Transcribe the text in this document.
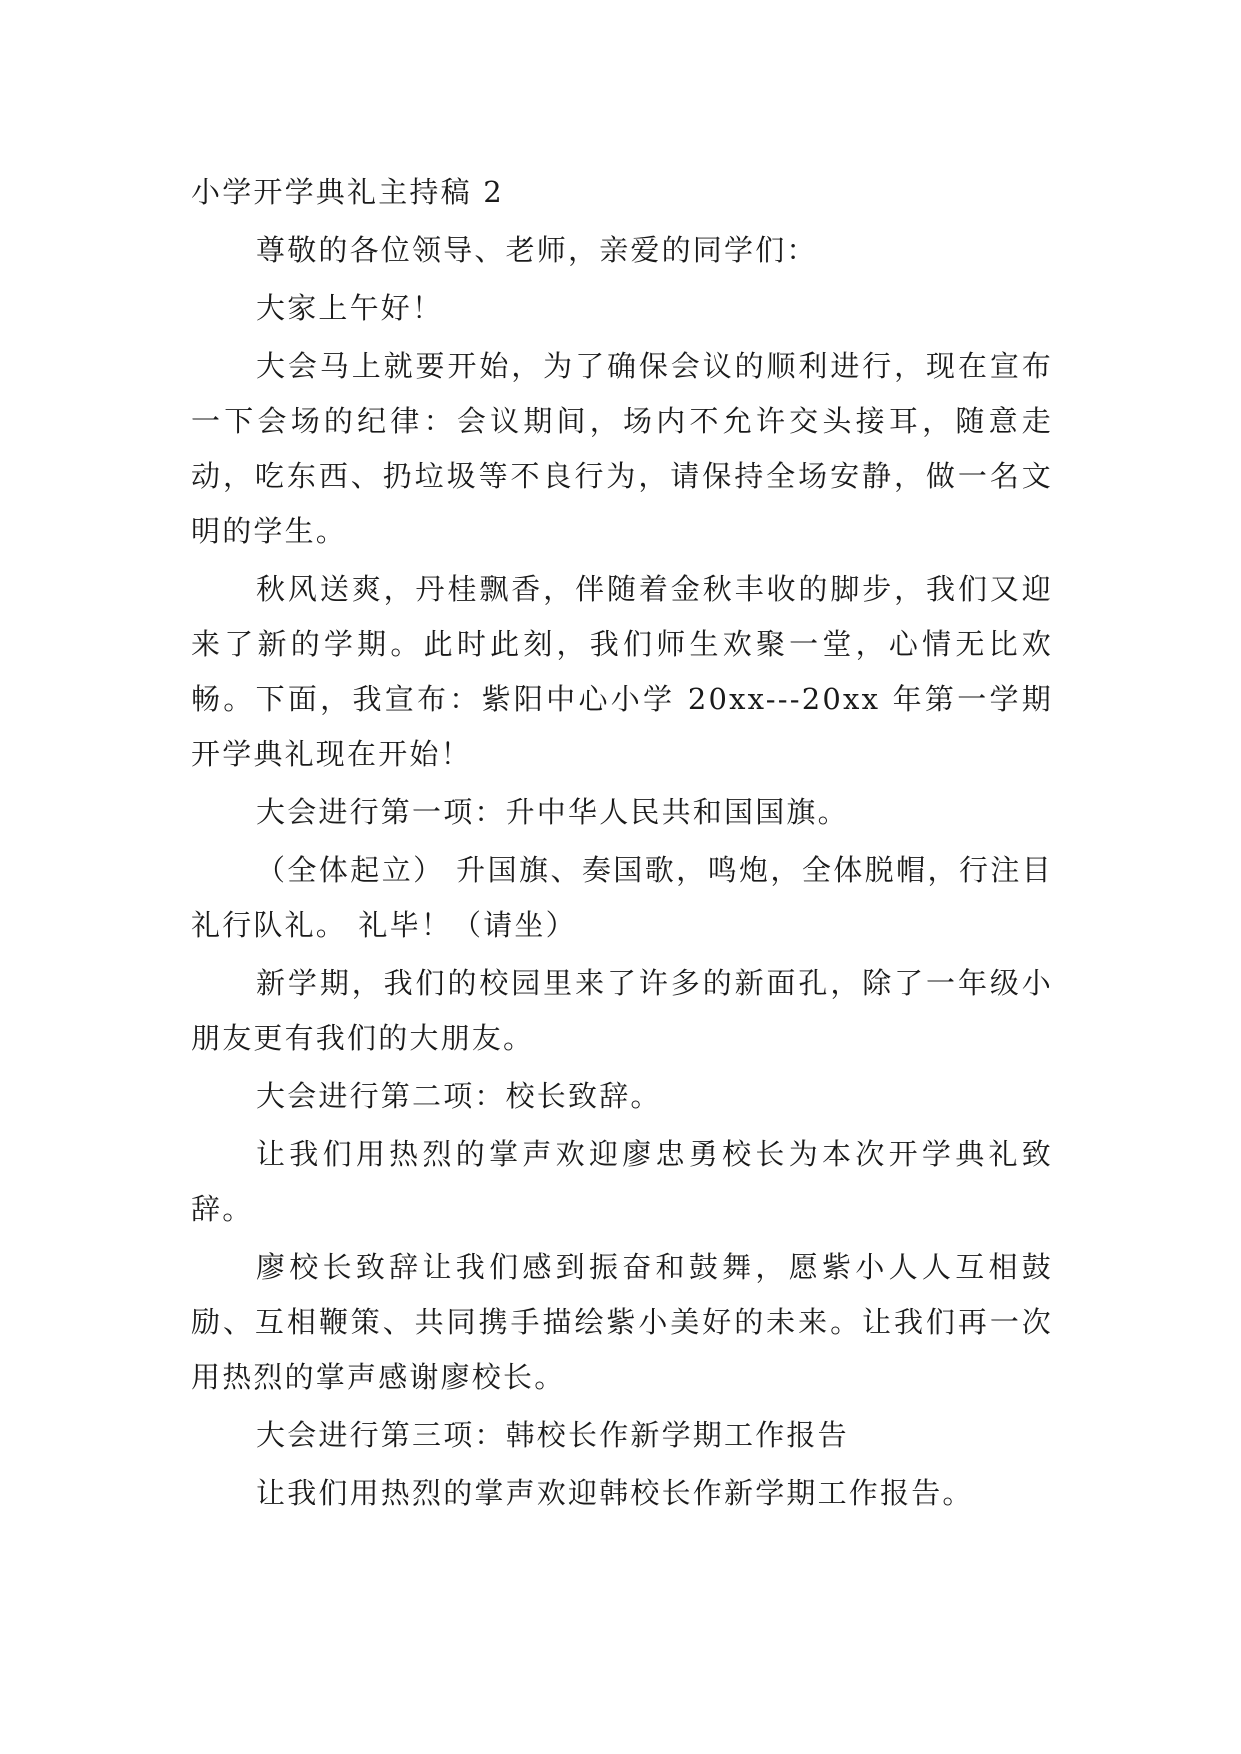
小学开学典礼主持稿 2

尊敬的各位领导、老师，亲爱的同学们：

大家上午好！

大会马上就要开始，为了确保会议的顺利进行，现在宣布一下会场的纪律：会议期间，场内不允许交头接耳，随意走动，吃东西、扔垃圾等不良行为，请保持全场安静，做一名文明的学生。

秋风送爽，丹桂飘香，伴随着金秋丰收的脚步，我们又迎来了新的学期。此时此刻，我们师生欢聚一堂，心情无比欢畅。下面，我宣布：紫阳中心小学 20xx---20xx 年第一学期开学典礼现在开始！

大会进行第一项：升中华人民共和国国旗。

（全体起立） 升国旗、奏国歌，鸣炮，全体脱帽，行注目礼行队礼。 礼毕！（请坐）

新学期，我们的校园里来了许多的新面孔，除了一年级小朋友更有我们的大朋友。

大会进行第二项：校长致辞。

让我们用热烈的掌声欢迎廖忠勇校长为本次开学典礼致辞。

廖校长致辞让我们感到振奋和鼓舞，愿紫小人人互相鼓励、互相鞭策、共同携手描绘紫小美好的未来。让我们再一次用热烈的掌声感谢廖校长。

大会进行第三项：韩校长作新学期工作报告

让我们用热烈的掌声欢迎韩校长作新学期工作报告。
